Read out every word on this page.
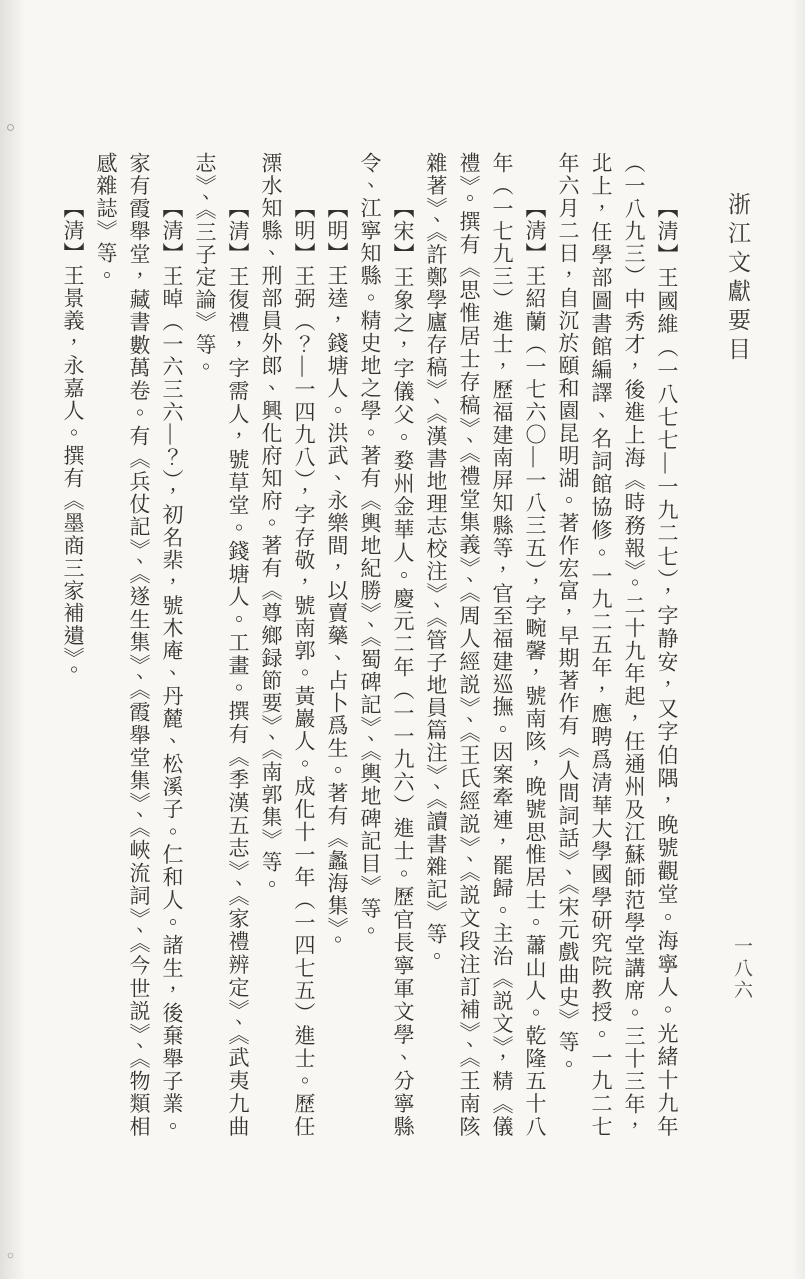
浙江文獻要目
一八六

【清】王國維（一八七七—一九二七），字静安，又字伯隅，晚號觀堂。海寧人。光緒十九年（一八九三）中秀才，後進上海《時務報》。二十九年起，任通州及江蘇師范學堂講席。三十三年，北上，任學部圖書館編譯、名詞館協修。一九二五年，應聘爲清華大學國學研究院教授。一九二七年六月二日，自沉於頤和園昆明湖。著作宏富，早期著作有《人間詞話》、《宋元戲曲史》等。

【清】王紹蘭（一七六〇—一八三五），字畹馨，號南陔，晚號思惟居士。蕭山人。乾隆五十八年（一七九三）進士，歷福建南屏知縣等，官至福建巡撫。因案牽連，罷歸。主治《説文》，精《儀禮》。撰有《思惟居士存稿》、《禮堂集義》、《周人經説》、《王氏經説》、《説文段注訂補》、《王南陔雜著》、《許鄭學廬存稿》、《漢書地理志校注》、《管子地員篇注》、《讀書雜記》等。

【宋】王象之，字儀父。婺州金華人。慶元二年（一一九六）進士。歷官長寧軍文學、分寧縣令、江寧知縣。精史地之學。著有《輿地紀勝》、《蜀碑記》、《輿地碑記目》等。

【明】王逵，錢塘人。洪武、永樂間，以賣藥、占卜爲生。著有《蠡海集》。

【明】王弼（？—一四九八），字存敬，號南郭。黃巖人。成化十一年（一四七五）進士。歷任溧水知縣、刑部員外郎、興化府知府。著有《尊鄉録節要》、《南郭集》等。

【清】王復禮，字需人，號草堂。錢塘人。工畫。撰有《季漢五志》、《家禮辨定》、《武夷九曲志》、《三子定論》等。

【清】王晫（一六三六—？），初名棐，號木庵、丹麓、松溪子。仁和人。諸生，後棄舉子業。家有霞舉堂，藏書數萬卷。有《兵仗記》、《遂生集》、《霞舉堂集》、《峽流詞》、《今世説》、《物類相感雜誌》等。

【清】王景義，永嘉人。撰有《墨商三家補遺》。
